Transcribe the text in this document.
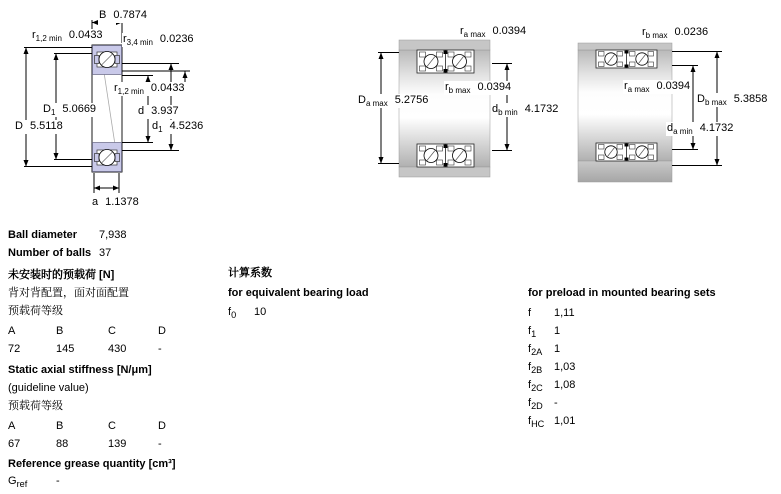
B 0.7874
$r_{1,2 min}$ 0.0433 $r_{3,4 min}$ 0.0236
$D_1$ 5.0669
D 5.5118
$r_{1,2 min}$ 0.0433
d 3.937
$d_1$ 4.5236
a 1.1378
$r_{a max}$ 0.0394
$D_{a max}$ 5.2756
$r_{b max}$ 0.0394
$d_{b min}$ 4.1732
$r_{b max}$ 0.0236
$r_{a max}$ 0.0394
$D_{b max}$ 5.3858
$d_{a min}$ 4.1732
Ball diameter 7,938
Number of balls 37
未安装时的预载荷 [N]
背对背配置，面对面配置
预载荷等级
A	B	C	D
72	145	430	-
Static axial stiffness [N/μm]
(guideline value)
预载荷等级
A	B	C	D
67	88	139	-
Reference grease quantity [cm³]
$G_{ref}$	-
计算系数
for equivalent bearing load
$f_0$ 10
for preload in mounted bearing sets
f 1,11
$f_1$ 1
$f_{2A}$ 1
$f_{2B}$ 1,03
$f_{2C}$ 1,08
$f_{2D}$ -
$f_{HC}$ 1,01
